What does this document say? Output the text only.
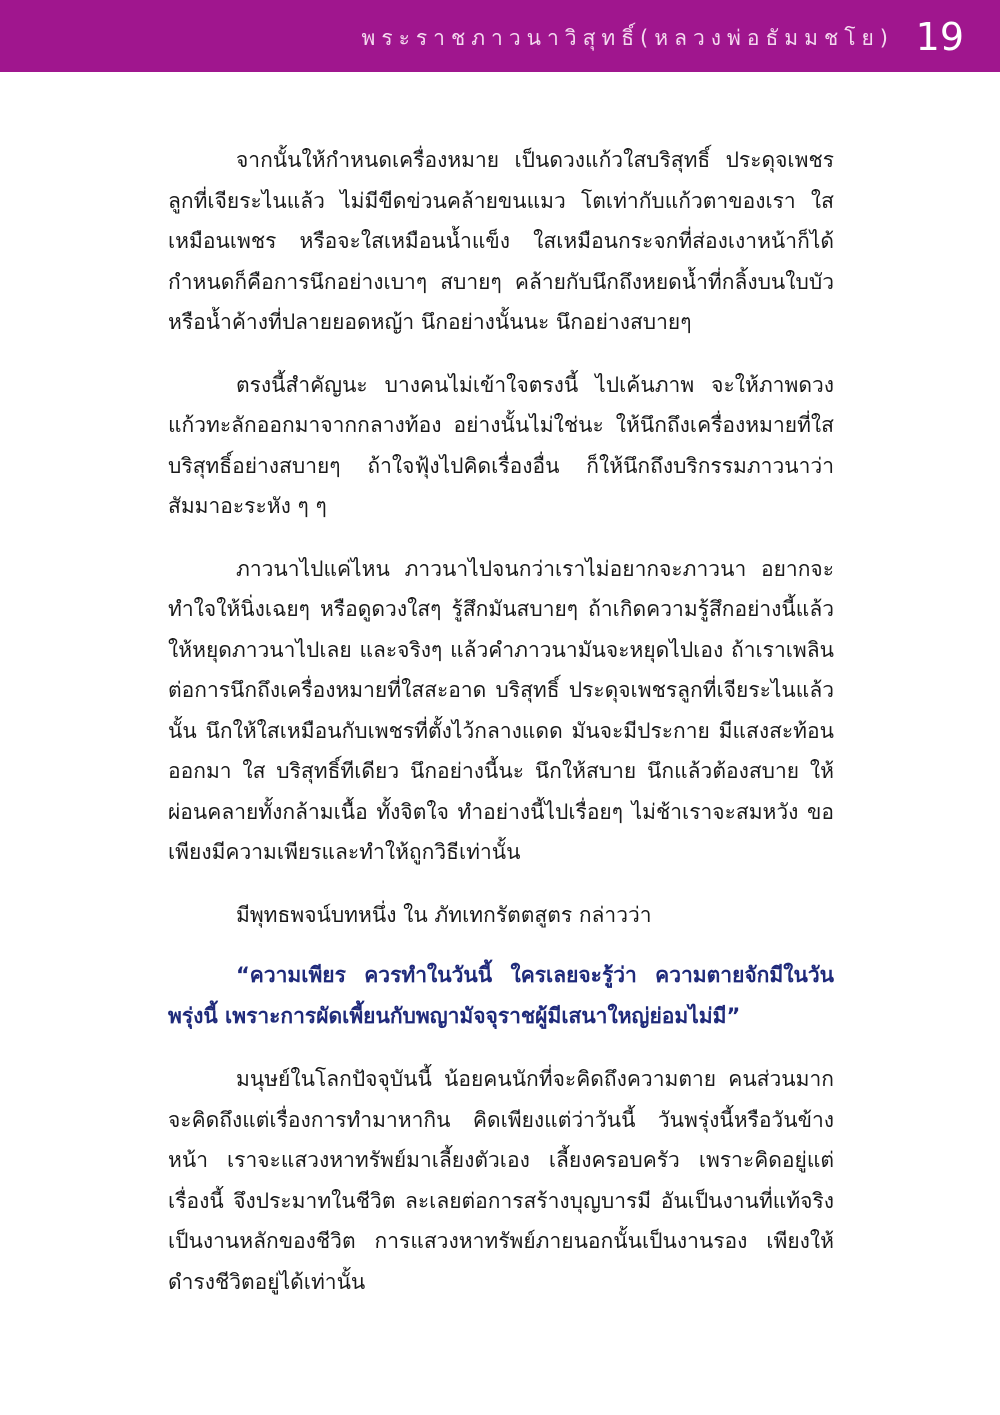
พระราชภาวนาวิสุทธิ์(หลวงพ่อธัมมชโย) 19

จากนั้นให้กำหนดเครื่องหมาย เป็นดวงแก้วใสบริสุทธิ์ ประดุจเพชรลูกที่เจียระไนแล้ว ไม่มีขีดข่วนคล้ายขนแมว โตเท่ากับแก้วตาของเรา ใสเหมือนเพชร หรือจะใสเหมือนน้ำแข็ง ใสเหมือนกระจกที่ส่องเงาหน้าก็ได้ กำหนดก็คือการนึกอย่างเบาๆ สบายๆ คล้ายกับนึกถึงหยดน้ำที่กลิ้งบนใบบัว หรือน้ำค้างที่ปลายยอดหญ้า นึกอย่างนั้นนะ นึกอย่างสบายๆ

ตรงนี้สำคัญนะ บางคนไม่เข้าใจตรงนี้ ไปเค้นภาพ จะให้ภาพดวงแก้วทะลักออกมาจากกลางท้อง อย่างนั้นไม่ใช่นะ ให้นึกถึงเครื่องหมายที่ใสบริสุทธิ์อย่างสบายๆ ถ้าใจฟุ้งไปคิดเรื่องอื่น ก็ให้นึกถึงบริกรรมภาวนาว่า สัมมาอะระหัง ๆ ๆ

ภาวนาไปแค่ไหน ภาวนาไปจนกว่าเราไม่อยากจะภาวนา อยากจะทำใจให้นิ่งเฉยๆ หรือดูดวงใสๆ รู้สึกมันสบายๆ ถ้าเกิดความรู้สึกอย่างนี้แล้ว ให้หยุดภาวนาไปเลย และจริงๆ แล้วคำภาวนามันจะหยุดไปเอง ถ้าเราเพลินต่อการนึกถึงเครื่องหมายที่ใสสะอาด บริสุทธิ์ ประดุจเพชรลูกที่เจียระไนแล้วนั้น นึกให้ใสเหมือนกับเพชรที่ตั้งไว้กลางแดด มันจะมีประกาย มีแสงสะท้อนออกมา ใส บริสุทธิ์ทีเดียว นึกอย่างนี้นะ นึกให้สบาย นึกแล้วต้องสบาย ให้ผ่อนคลายทั้งกล้ามเนื้อ ทั้งจิตใจ ทำอย่างนี้ไปเรื่อยๆ ไม่ช้าเราจะสมหวัง ขอเพียงมีความเพียรและทำให้ถูกวิธีเท่านั้น

มีพุทธพจน์บทหนึ่ง ใน ภัทเทกรัตตสูตร กล่าวว่า

“ความเพียร ควรทำในวันนี้ ใครเลยจะรู้ว่า ความตายจักมีในวันพรุ่งนี้ เพราะการผัดเพี้ยนกับพญามัจจุราชผู้มีเสนาใหญ่ย่อมไม่มี”

มนุษย์ในโลกปัจจุบันนี้ น้อยคนนักที่จะคิดถึงความตาย คนส่วนมากจะคิดถึงแต่เรื่องการทำมาหากิน คิดเพียงแต่ว่าวันนี้ วันพรุ่งนี้หรือวันข้างหน้า เราจะแสวงหาทรัพย์มาเลี้ยงตัวเอง เลี้ยงครอบครัว เพราะคิดอยู่แต่เรื่องนี้ จึงประมาทในชีวิต ละเลยต่อการสร้างบุญบารมี อันเป็นงานที่แท้จริง เป็นงานหลักของชีวิต การแสวงหาทรัพย์ภายนอกนั้นเป็นงานรอง เพียงให้ดำรงชีวิตอยู่ได้เท่านั้น
